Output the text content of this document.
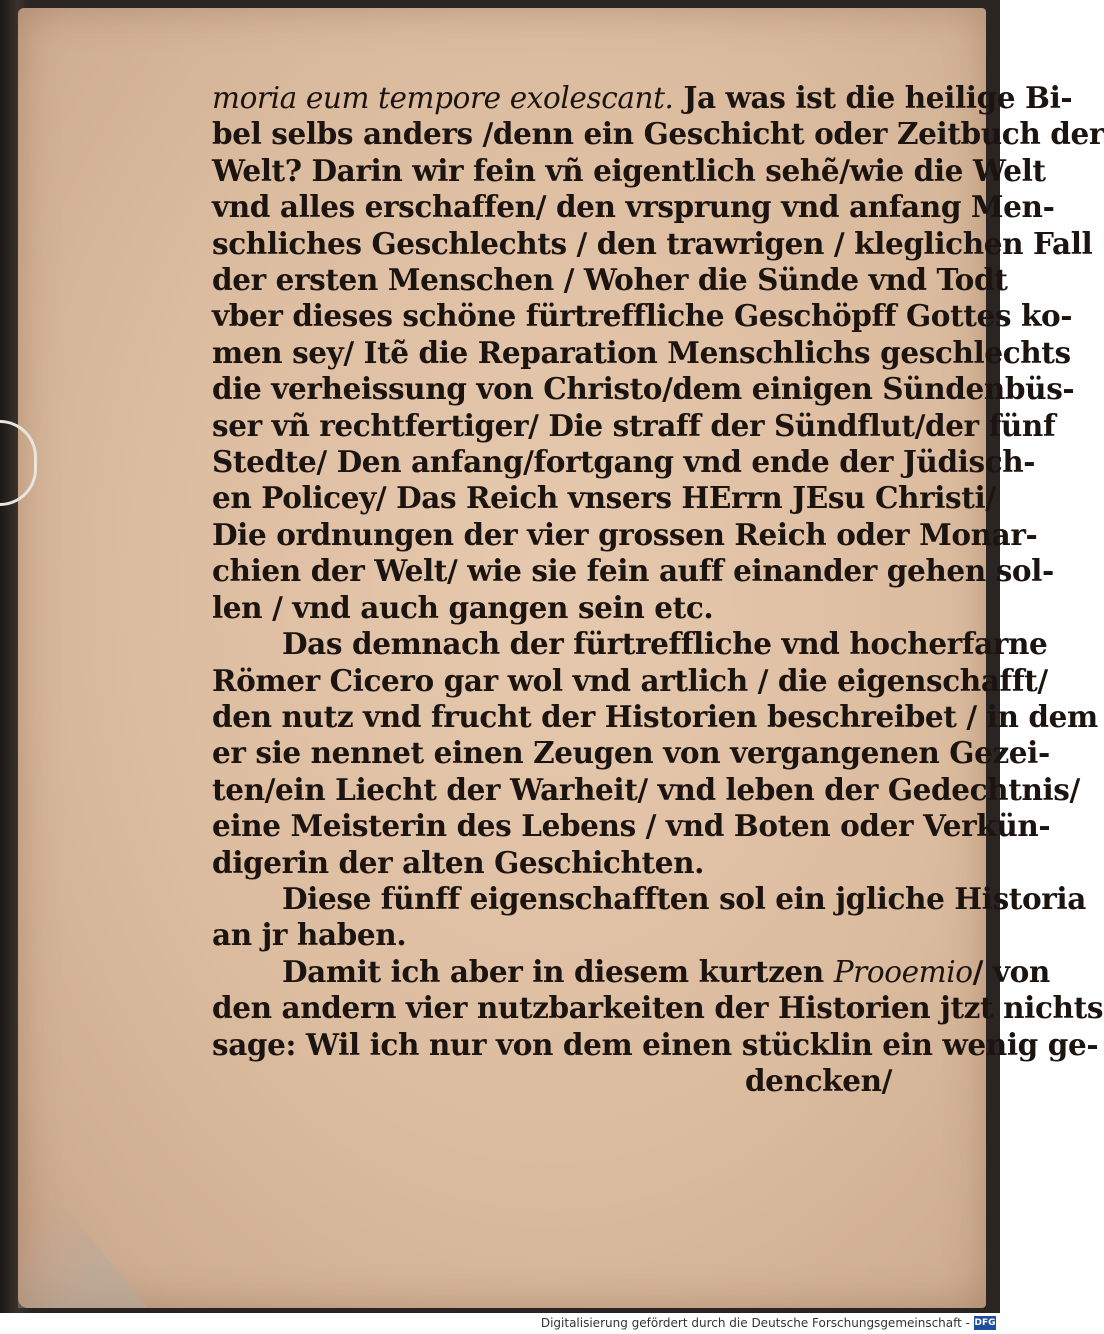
moria eum tempore exolescant. Ja was ist die heilige Bi-
bel selbs anders /denn ein Geschicht oder Zeitbuch der
Welt? Darin wir fein vñ eigentlich sehẽ/wie die Welt
vnd alles erschaffen/ den vrsprung vnd anfang Men-
schliches Geschlechts / den trawrigen / kleglichen Fall
der ersten Menschen / Woher die Sünde vnd Todt
vber dieses schöne fürtreffliche Geschöpff Gottes ko-
men sey/ Itẽ die Reparation Menschlichs geschlechts
die verheissung von Christo/dem einigen Sündenbüs-
ser vñ rechtfertiger/ Die straff der Sündflut/der fünf
Stedte/ Den anfang/fortgang vnd ende der Jüdisch-
en Policey/ Das Reich vnsers HErrn JEsu Christi/
Die ordnungen der vier grossen Reich oder Monar-
chien der Welt/ wie sie fein auff einander gehen sol-
len / vnd auch gangen sein etc.
Das demnach der fürtreffliche vnd hocherfarne
Römer Cicero gar wol vnd artlich / die eigenschafft/
den nutz vnd frucht der Historien beschreibet / in dem
er sie nennet einen Zeugen von vergangenen Gezei-
ten/ein Liecht der Warheit/ vnd leben der Gedechtnis/
eine Meisterin des Lebens / vnd Boten oder Verkün-
digerin der alten Geschichten.
Diese fünff eigenschafften sol ein jgliche Historia
an jr haben.
Damit ich aber in diesem kurtzen Prooemio/ von
den andern vier nutzbarkeiten der Historien jtzt nichts
sage: Wil ich nur von dem einen stücklin ein wenig ge-
dencken/
Digitalisierung gefördert durch die Deutsche Forschungsgemeinschaft - DFG
